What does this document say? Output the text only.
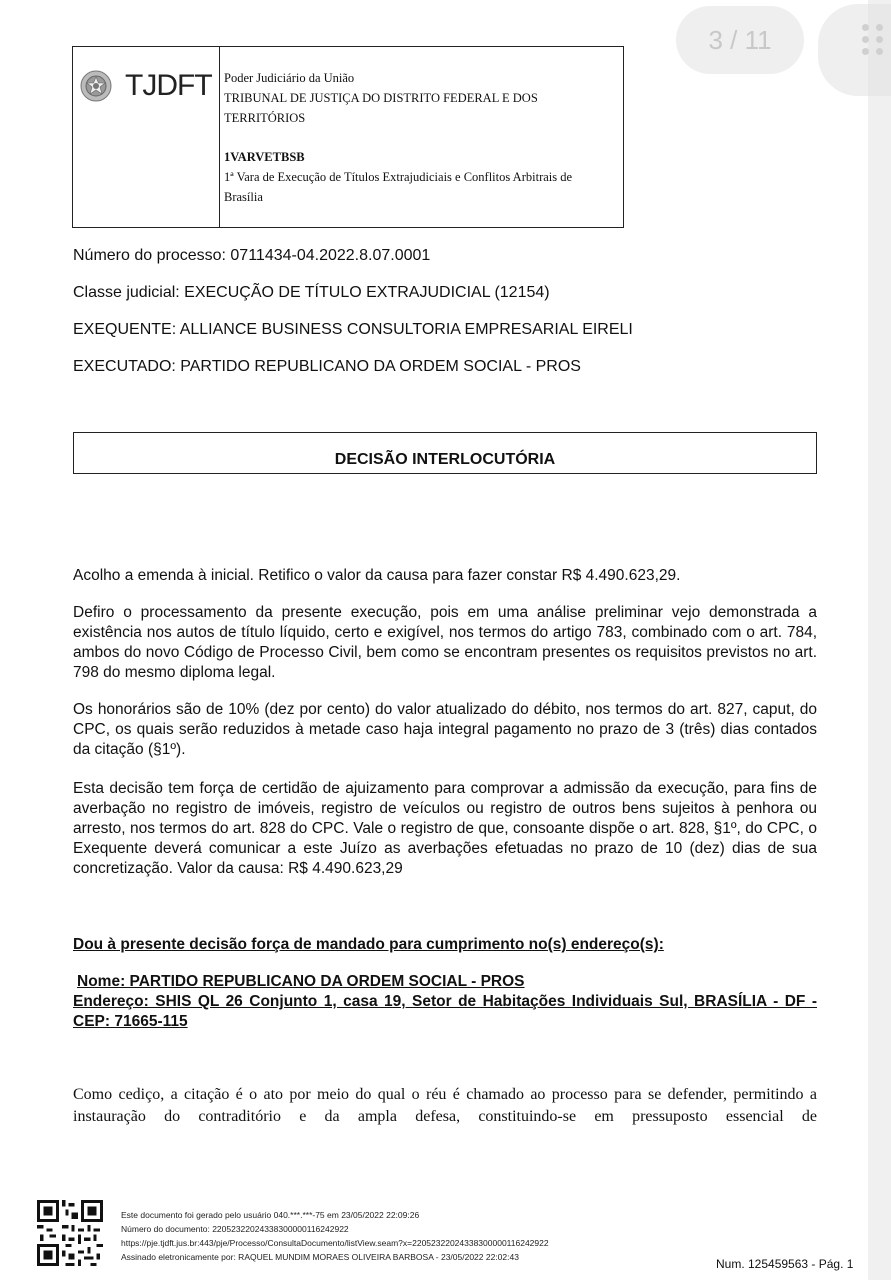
TJDFT Poder Judiciário da União
TRIBUNAL DE JUSTIÇA DO DISTRITO FEDERAL E DOS
TERRITÓRIOS
1VARVETBSB
1ª Vara de Execução de Títulos Extrajudiciais e Conflitos Arbitrais de
Brasília
Número do processo: 0711434-04.2022.8.07.0001
Classe judicial: EXECUÇÃO DE TÍTULO EXTRAJUDICIAL (12154)
EXEQUENTE: ALLIANCE BUSINESS CONSULTORIA EMPRESARIAL EIRELI
EXECUTADO: PARTIDO REPUBLICANO DA ORDEM SOCIAL - PROS
DECISÃO INTERLOCUTÓRIA
Acolho a emenda à inicial. Retifico o valor da causa para fazer constar R$ 4.490.623,29.
Defiro o processamento da presente execução, pois em uma análise preliminar vejo demonstrada a existência nos autos de título líquido, certo e exigível, nos termos do artigo 783, combinado com o art. 784, ambos do novo Código de Processo Civil, bem como se encontram presentes os requisitos previstos no art. 798 do mesmo diploma legal.
Os honorários são de 10% (dez por cento) do valor atualizado do débito, nos termos do art. 827, caput, do CPC, os quais serão reduzidos à metade caso haja integral pagamento no prazo de 3 (três) dias contados da citação (§1º).
Esta decisão tem força de certidão de ajuizamento para comprovar a admissão da execução, para fins de averbação no registro de imóveis, registro de veículos ou registro de outros bens sujeitos à penhora ou arresto, nos termos do art. 828 do CPC. Vale o registro de que, consoante dispõe o art. 828, §1º, do CPC, o Exequente deverá comunicar a este Juízo as averbações efetuadas no prazo de 10 (dez) dias de sua concretização. Valor da causa: R$ 4.490.623,29
Dou à presente decisão força de mandado para cumprimento no(s) endereço(s):
Nome: PARTIDO REPUBLICANO DA ORDEM SOCIAL - PROS
Endereço: SHIS QL 26 Conjunto 1, casa 19, Setor de Habitações Individuais Sul, BRASÍLIA - DF - CEP: 71665-115
Como cediço, a citação é o ato por meio do qual o réu é chamado ao processo para se defender, permitindo a
instauração do contraditório e da ampla defesa, constituindo-se em pressuposto essencial de
Este documento foi gerado pelo usuário 040.***.***-75 em 23/05/2022 22:09:26
Número do documento: 22052322024338300000116242922
https://pje.tjdft.jus.br:443/pje/Processo/ConsultaDocumento/listView.seam?x=22052322024338300000116242922
Assinado eletronicamente por: RAQUEL MUNDIM MORAES OLIVEIRA BARBOSA - 23/05/2022 22:02:43	Num. 125459563 - Pág. 1
3 / 11
